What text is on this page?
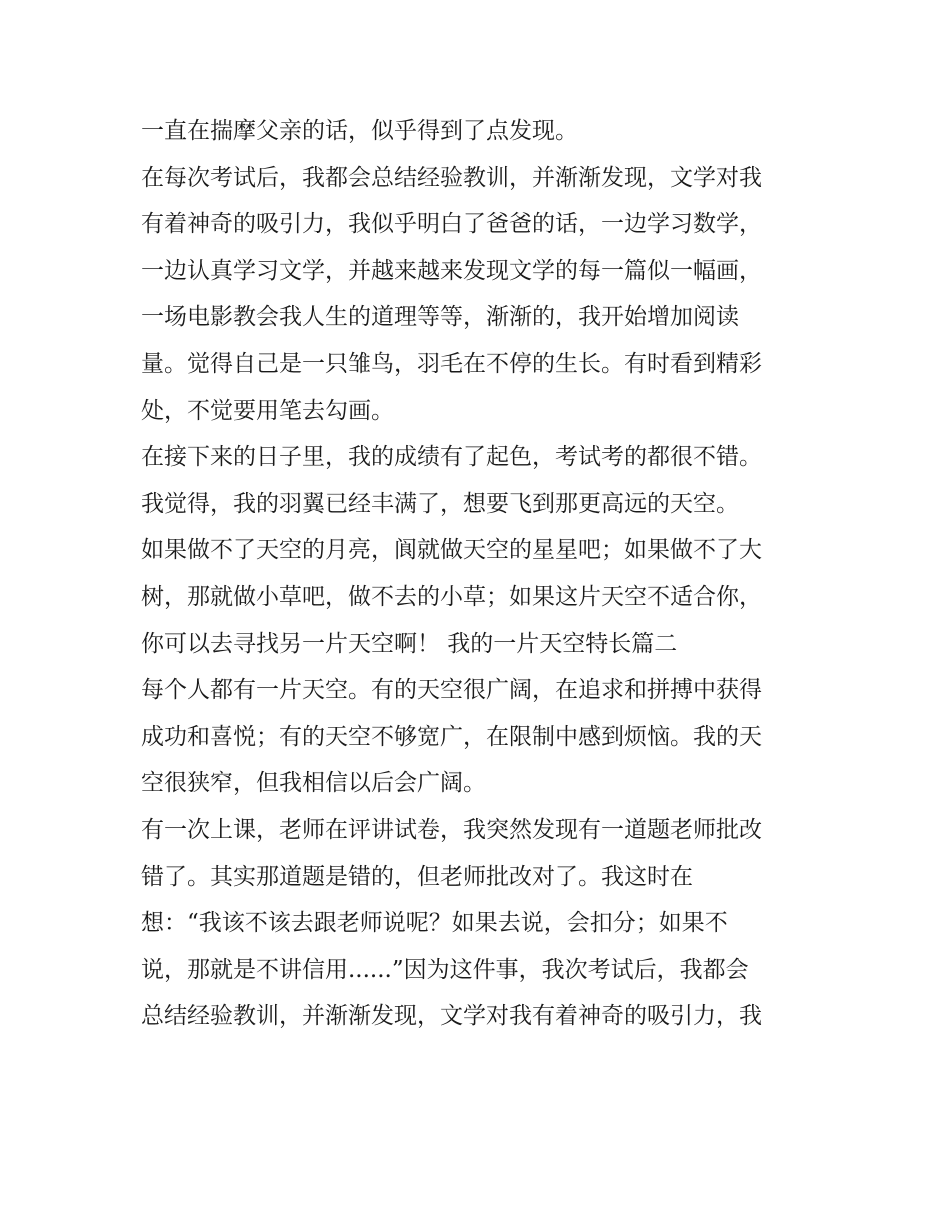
一直在揣摩父亲的话，似乎得到了点发现。
在每次考试后，我都会总结经验教训，并渐渐发现，文学对我
有着神奇的吸引力，我似乎明白了爸爸的话，一边学习数学，
一边认真学习文学，并越来越来发现文学的每一篇似一幅画，
一场电影教会我人生的道理等等，渐渐的，我开始增加阅读
量。觉得自己是一只雏鸟，羽毛在不停的生长。有时看到精彩
处，不觉要用笔去勾画。
在接下来的日子里，我的成绩有了起色，考试考的都很不错。
我觉得，我的羽翼已经丰满了，想要飞到那更高远的天空。
如果做不了天空的月亮，阆就做天空的星星吧；如果做不了大
树，那就做小草吧，做不去的小草；如果这片天空不适合你，
你可以去寻找另一片天空啊！ 我的一片天空特长篇二
每个人都有一片天空。有的天空很广阔，在追求和拼搏中获得
成功和喜悦；有的天空不够宽广，在限制中感到烦恼。我的天
空很狭窄，但我相信以后会广阔。
有一次上课，老师在评讲试卷，我突然发现有一道题老师批改
错了。其实那道题是错的，但老师批改对了。我这时在
想：“我该不该去跟老师说呢？如果去说，会扣分；如果不
说，那就是不讲信用......”因为这件事，我次考试后，我都会
总结经验教训，并渐渐发现，文学对我有着神奇的吸引力，我
